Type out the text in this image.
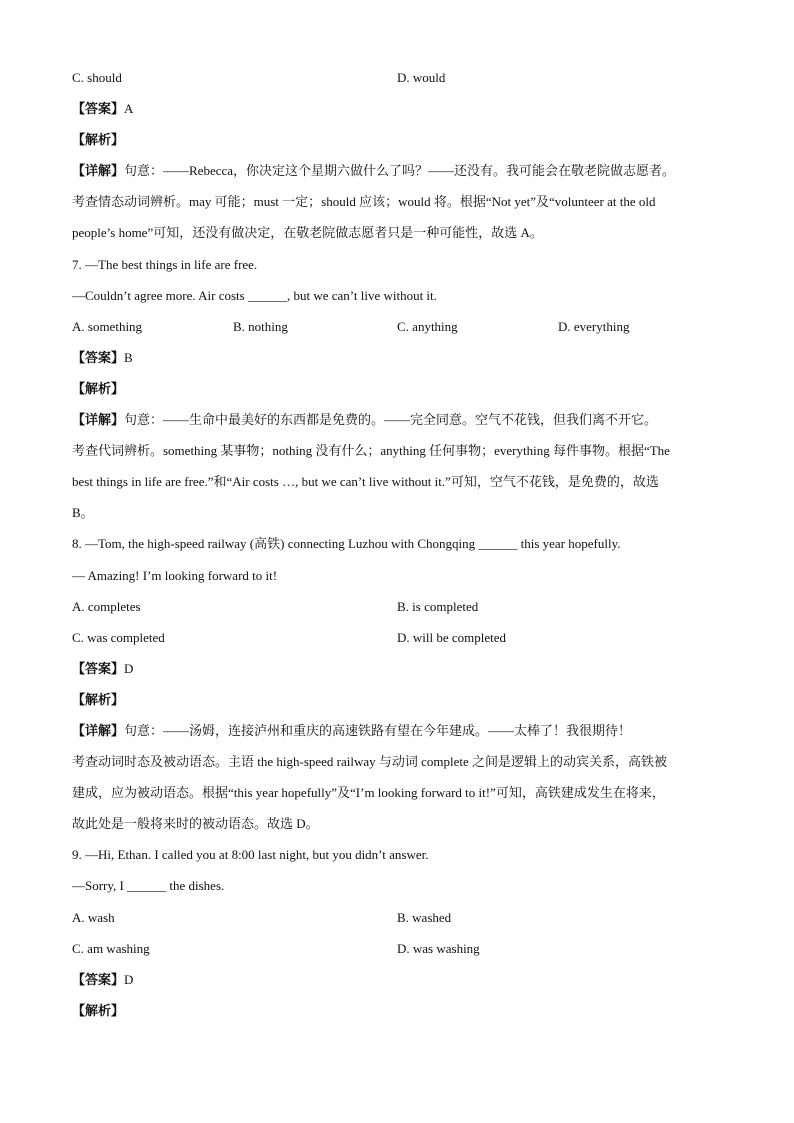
C. should	D. would
【答案】A
【解析】
【详解】句意：——Rebecca，你决定这个星期六做什么了吗？——还没有。我可能会在敬老院做志愿者。
考查情态动词辨析。may 可能；must 一定；should 应该；would 将。根据“Not yet”及“volunteer at the old
people’s home”可知，还没有做决定，在敬老院做志愿者只是一种可能性，故选 A。
7. —The best things in life are free.
—Couldn’t agree more. Air costs ______, but we can’t live without it.
A. something	B. nothing	C. anything	D. everything
【答案】B
【解析】
【详解】句意：——生命中最美好的东西都是免费的。——完全同意。空气不花钱，但我们离不开它。
考查代词辨析。something 某事物；nothing 没有什么；anything 任何事物；everything 每件事物。根据“The
best things in life are free.”和“Air costs …, but we can’t live without it.”可知，空气不花钱，是免费的，故选
B。
8. —Tom, the high-speed railway (高铁) connecting Luzhou with Chongqing ______ this year hopefully.
— Amazing! I’m looking forward to it!
A. completes	B. is completed
C. was completed	D. will be completed
【答案】D
【解析】
【详解】句意：——汤姆，连接泸州和重庆的高速铁路有望在今年建成。——太棒了！我很期待！
考查动词时态及被动语态。主语 the high-speed railway 与动词 complete 之间是逻辑上的动宾关系，高铁被
建成，应为被动语态。根据“this year hopefully”及“I’m looking forward to it!”可知，高铁建成发生在将来，
故此处是一般将来时的被动语态。故选 D。
9. —Hi, Ethan. I called you at 8:00 last night, but you didn’t answer.
—Sorry, I ______ the dishes.
A. wash	B. washed
C. am washing	D. was washing
【答案】D
【解析】
